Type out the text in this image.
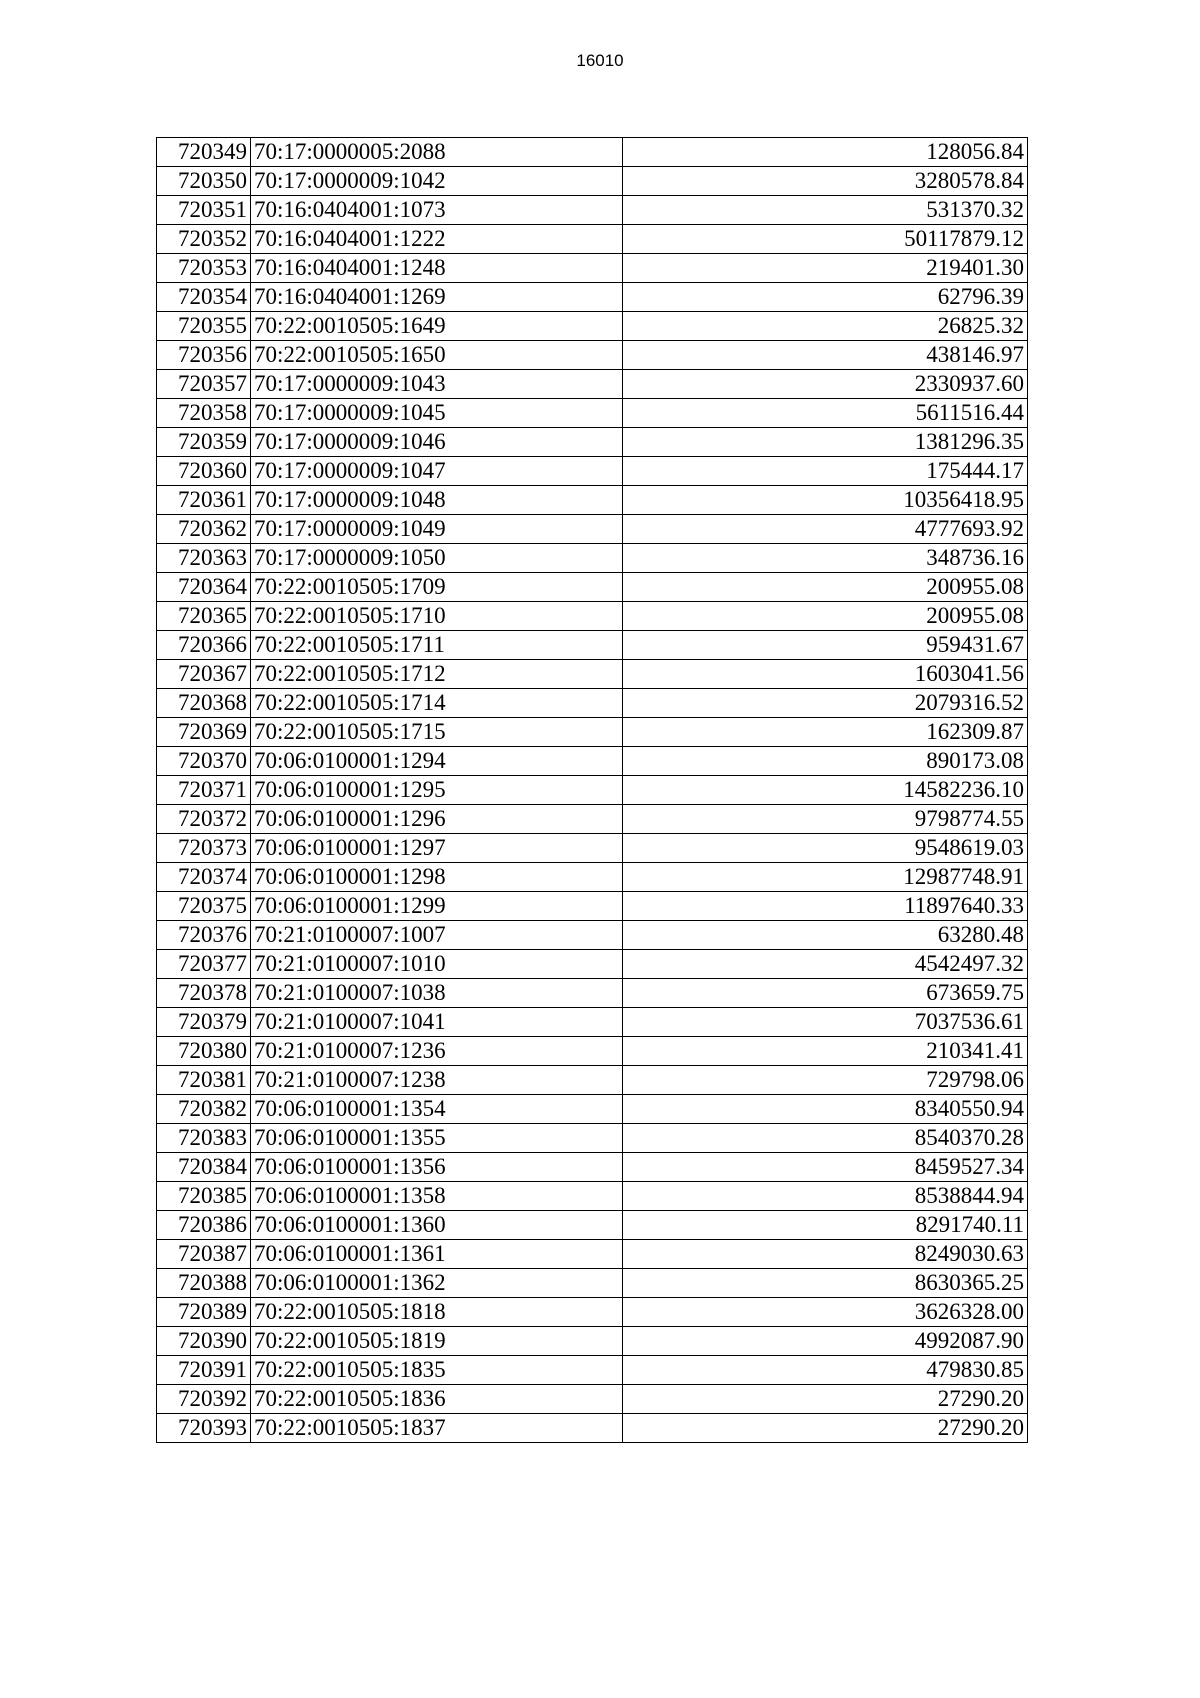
16010
720349	70:17:0000005:2088	128056.84
720350	70:17:0000009:1042	3280578.84
720351	70:16:0404001:1073	531370.32
720352	70:16:0404001:1222	50117879.12
720353	70:16:0404001:1248	219401.30
720354	70:16:0404001:1269	62796.39
720355	70:22:0010505:1649	26825.32
720356	70:22:0010505:1650	438146.97
720357	70:17:0000009:1043	2330937.60
720358	70:17:0000009:1045	5611516.44
720359	70:17:0000009:1046	1381296.35
720360	70:17:0000009:1047	175444.17
720361	70:17:0000009:1048	10356418.95
720362	70:17:0000009:1049	4777693.92
720363	70:17:0000009:1050	348736.16
720364	70:22:0010505:1709	200955.08
720365	70:22:0010505:1710	200955.08
720366	70:22:0010505:1711	959431.67
720367	70:22:0010505:1712	1603041.56
720368	70:22:0010505:1714	2079316.52
720369	70:22:0010505:1715	162309.87
720370	70:06:0100001:1294	890173.08
720371	70:06:0100001:1295	14582236.10
720372	70:06:0100001:1296	9798774.55
720373	70:06:0100001:1297	9548619.03
720374	70:06:0100001:1298	12987748.91
720375	70:06:0100001:1299	11897640.33
720376	70:21:0100007:1007	63280.48
720377	70:21:0100007:1010	4542497.32
720378	70:21:0100007:1038	673659.75
720379	70:21:0100007:1041	7037536.61
720380	70:21:0100007:1236	210341.41
720381	70:21:0100007:1238	729798.06
720382	70:06:0100001:1354	8340550.94
720383	70:06:0100001:1355	8540370.28
720384	70:06:0100001:1356	8459527.34
720385	70:06:0100001:1358	8538844.94
720386	70:06:0100001:1360	8291740.11
720387	70:06:0100001:1361	8249030.63
720388	70:06:0100001:1362	8630365.25
720389	70:22:0010505:1818	3626328.00
720390	70:22:0010505:1819	4992087.90
720391	70:22:0010505:1835	479830.85
720392	70:22:0010505:1836	27290.20
720393	70:22:0010505:1837	27290.20
